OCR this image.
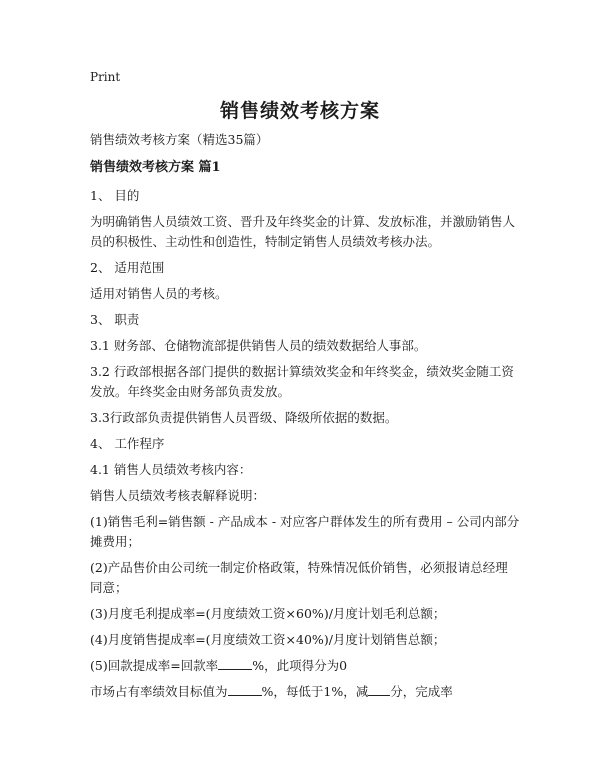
Print
销售绩效考核方案

销售绩效考核方案（精选35篇）

销售绩效考核方案 篇1

1、 目的

为明确销售人员绩效工资、晋升及年终奖金的计算、发放标准，并激励销售人员的积极性、主动性和创造性，特制定销售人员绩效考核办法。

2、 适用范围

适用对销售人员的考核。

3、 职责

3.1 财务部、仓储物流部提供销售人员的绩效数据给人事部。

3.2 行政部根据各部门提供的数据计算绩效奖金和年终奖金，绩效奖金随工资发放。年终奖金由财务部负责发放。

3.3行政部负责提供销售人员晋级、降级所依据的数据。

4、 工作程序

4.1 销售人员绩效考核内容：

销售人员绩效考核表解释说明：

(1)销售毛利=销售额 - 产品成本 - 对应客户群体发生的所有费用 – 公司内部分摊费用；

(2)产品售价由公司统一制定价格政策，特殊情况低价销售，必须报请总经理同意；

(3)月度毛利提成率=(月度绩效工资×60%)/月度计划毛利总额；

(4)月度销售提成率=(月度绩效工资×40%)/月度计划销售总额；

(5)回款提成率=回款率	%，此项得分为0

市场占有率绩效目标值为	%，每低于1%，减 分，完成率
